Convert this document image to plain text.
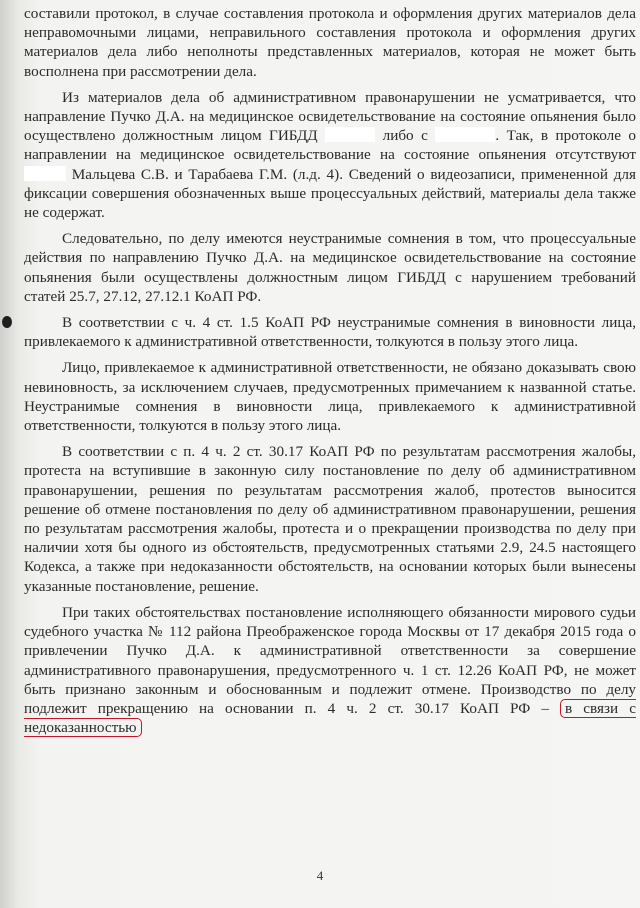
составили протокол, в случае составления протокола и оформления других материалов дела неправомочными лицами, неправильного составления протокола и оформления других материалов дела либо неполноты представленных материалов, которая не может быть восполнена при рассмотрении дела.

Из материалов дела об административном правонарушении не усматривается, что направление Пучко Д.А. на медицинское освидетельствование на состояние опьянения было осуществлено должностным лицом ГИБДД	либо с	. Так, в протоколе о направлении на медицинское освидетельствование на состояние опьянения отсутствуют  Мальцева С.В. и Тарабаева Г.М. (л.д. 4). Сведений о видеозаписи, примененной для фиксации совершения обозначенных выше процессуальных действий, материалы дела также не содержат.

Следовательно, по делу имеются неустранимые сомнения в том, что процессуальные действия по направлению Пучко Д.А. на медицинское освидетельствование на состояние опьянения были осуществлены должностным лицом ГИБДД с нарушением требований статей 25.7, 27.12, 27.12.1 КоАП РФ.

В соответствии с ч. 4 ст. 1.5 КоАП РФ неустранимые сомнения в виновности лица, привлекаемого к административной ответственности, толкуются в пользу этого лица.

Лицо, привлекаемое к административной ответственности, не обязано доказывать свою невиновность, за исключением случаев, предусмотренных примечанием к названной статье. Неустранимые сомнения в виновности лица, привлекаемого к административной ответственности, толкуются в пользу этого лица.

В соответствии с п. 4 ч. 2 ст. 30.17 КоАП РФ по результатам рассмотрения жалобы, протеста на вступившие в законную силу постановление по делу об административном правонарушении, решения по результатам рассмотрения жалоб, протестов выносится решение об отмене постановления по делу об административном правонарушении, решения по результатам рассмотрения жалобы, протеста и о прекращении производства по делу при наличии хотя бы одного из обстоятельств, предусмотренных статьями 2.9, 24.5 настоящего Кодекса, а также при недоказанности обстоятельств, на основании которых были вынесены указанные постановление, решение.

При таких обстоятельствах постановление исполняющего обязанности мирового судьи судебного участка № 112 района Преображенское города Москвы от 17 декабря 2015 года о привлечении Пучко Д.А. к административной ответственности за совершение административного правонарушения, предусмотренного ч. 1 ст. 12.26 КоАП РФ, не может быть признано законным и обоснованным и подлежит отмене. Производство по делу подлежит прекращению на основании п. 4 ч. 2 ст. 30.17 КоАП РФ – в связи с недоказанностью

4
